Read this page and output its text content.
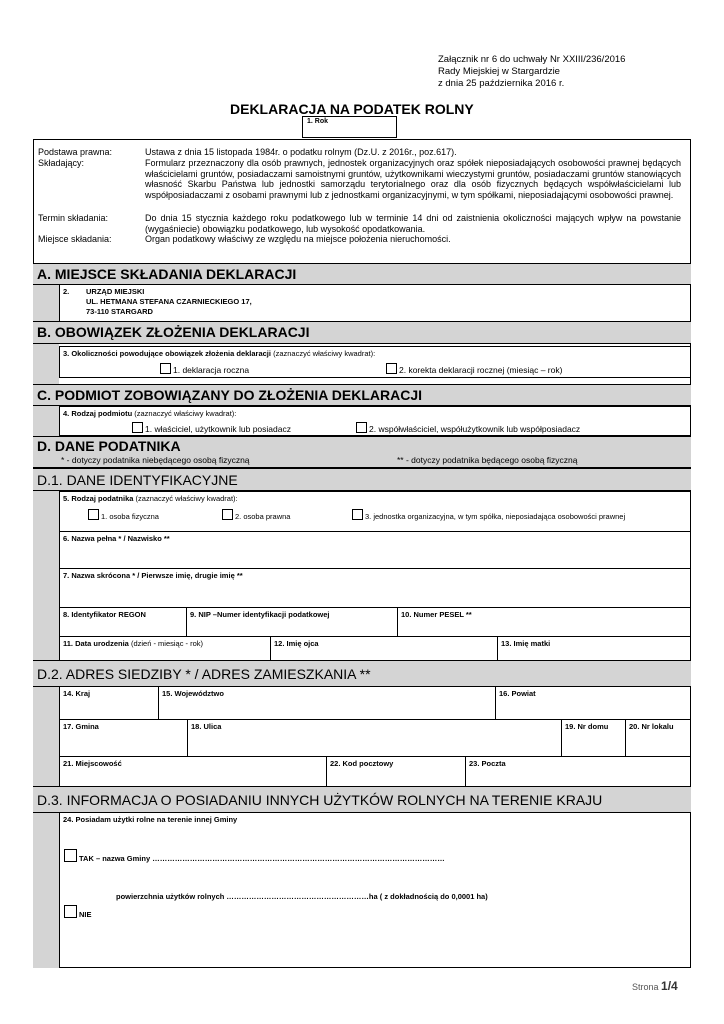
Załącznik nr 6 do uchwały Nr XXIII/236/2016
Rady Miejskiej w Stargardzie
z dnia 25 października 2016 r.
DEKLARACJA NA PODATEK ROLNY
1. Rok
Podstawa prawna:	Ustawa z dnia 15 listopada 1984r. o podatku rolnym (Dz.U. z 2016r., poz.617).
Składający:	Formularz przeznaczony dla osób prawnych, jednostek organizacyjnych oraz spółek nieposiadających osobowości prawnej będących właścicielami gruntów, posiadaczami samoistnymi gruntów, użytkownikami wieczystymi gruntów, posiadaczami gruntów stanowiących własność Skarbu Państwa lub jednostki samorządu terytorialnego oraz dla osób fizycznych będących współwłaścicielami lub współposiadaczami z osobami prawnymi lub z jednostkami organizacyjnymi, w tym spółkami, nieposiadającymi osobowości prawnej.
Termin składania:	Do dnia 15 stycznia każdego roku podatkowego lub w terminie 14 dni od zaistnienia okoliczności mających wpływ na powstanie (wygaśniecie) obowiązku podatkowego, lub wysokość opodatkowania.
Miejsce składania:	Organ podatkowy właściwy ze względu na miejsce położenia nieruchomości.
A. MIEJSCE SKŁADANIA DEKLARACJI
2. URZĄD MIEJSKI
UL. HETMANA STEFANA CZARNIECKIEGO 17,
73-110 STARGARD
B. OBOWIĄZEK ZŁOŻENIA DEKLARACJI
3. Okoliczności powodujące obowiązek złożenia deklaracji (zaznaczyć właściwy kwadrat):
1. deklaracja roczna	2. korekta deklaracji rocznej (miesiąc – rok)
C. PODMIOT ZOBOWIĄZANY DO ZŁOŻENIA DEKLARACJI
4. Rodzaj podmiotu (zaznaczyć właściwy kwadrat):
1. właściciel, użytkownik lub posiadacz	2. współwłaściciel, współużytkownik lub współposiadacz
D. DANE PODATNIKA
* - dotyczy podatnika niebędącego osobą fizyczną	** - dotyczy podatnika będącego osobą fizyczną
D.1. DANE IDENTYFIKACYJNE
5. Rodzaj podatnika (zaznaczyć właściwy kwadrat):
1. osoba fizyczna	2. osoba prawna	3. jednostka organizacyjna, w tym spółka, nieposiadająca osobowości prawnej
6. Nazwa pełna * / Nazwisko **
7. Nazwa skrócona * / Pierwsze imię, drugie imię **
8. Identyfikator REGON	9. NIP –Numer identyfikacji podatkowej	10. Numer PESEL **
11. Data urodzenia (dzień - miesiąc - rok)	12. Imię ojca	13. Imię matki
D.2. ADRES SIEDZIBY * / ADRES ZAMIESZKANIA **
14. Kraj	15. Województwo	16. Powiat
17. Gmina	18. Ulica	19. Nr domu	20. Nr lokalu
21. Miejscowość	22. Kod pocztowy	23. Poczta
D.3. INFORMACJA O POSIADANIU INNYCH UŻYTKÓW ROLNYCH NA TERENIE KRAJU
24. Posiadam użytki rolne na terenie innej Gminy
TAK – nazwa Gminy ………………………………………………………………………………………………………
powierzchnia użytków rolnych …………………………………………………ha ( z dokładnością do 0,0001 ha)
NIE
Strona 1/4
